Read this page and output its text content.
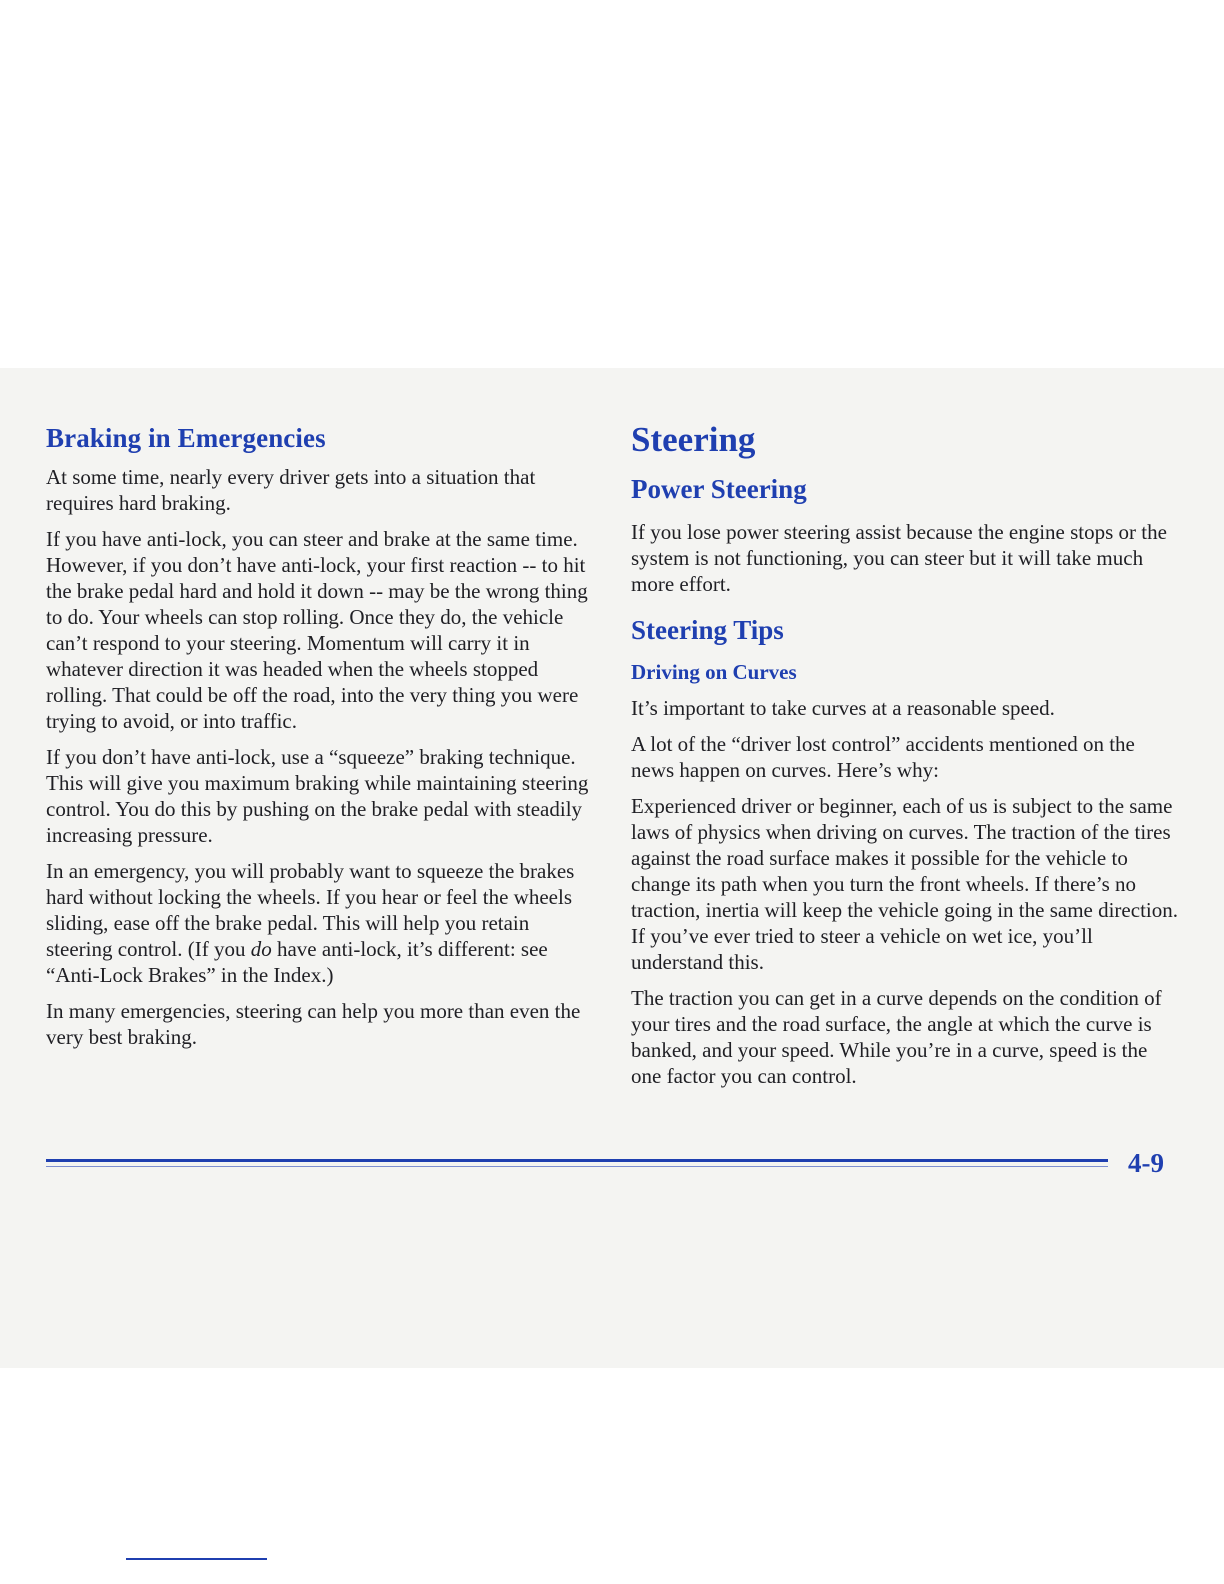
Braking in Emergencies

At some time, nearly every driver gets into a situation that requires hard braking.

If you have anti-lock, you can steer and brake at the same time. However, if you don’t have anti-lock, your first reaction -- to hit the brake pedal hard and hold it down -- may be the wrong thing to do. Your wheels can stop rolling. Once they do, the vehicle can’t respond to your steering. Momentum will carry it in whatever direction it was headed when the wheels stopped rolling. That could be off the road, into the very thing you were trying to avoid, or into traffic.

If you don’t have anti-lock, use a “squeeze” braking technique. This will give you maximum braking while maintaining steering control. You do this by pushing on the brake pedal with steadily increasing pressure.

In an emergency, you will probably want to squeeze the brakes hard without locking the wheels. If you hear or feel the wheels sliding, ease off the brake pedal. This will help you retain steering control. (If you do have anti-lock, it’s different: see “Anti-Lock Brakes” in the Index.)

In many emergencies, steering can help you more than even the very best braking.

Steering
Power Steering

If you lose power steering assist because the engine stops or the system is not functioning, you can steer but it will take much more effort.

Steering Tips
Driving on Curves

It’s important to take curves at a reasonable speed.

A lot of the “driver lost control” accidents mentioned on the news happen on curves. Here’s why:

Experienced driver or beginner, each of us is subject to the same laws of physics when driving on curves. The traction of the tires against the road surface makes it possible for the vehicle to change its path when you turn the front wheels. If there’s no traction, inertia will keep the vehicle going in the same direction. If you’ve ever tried to steer a vehicle on wet ice, you’ll understand this.

The traction you can get in a curve depends on the condition of your tires and the road surface, the angle at which the curve is banked, and your speed. While you’re in a curve, speed is the one factor you can control.

4-9
